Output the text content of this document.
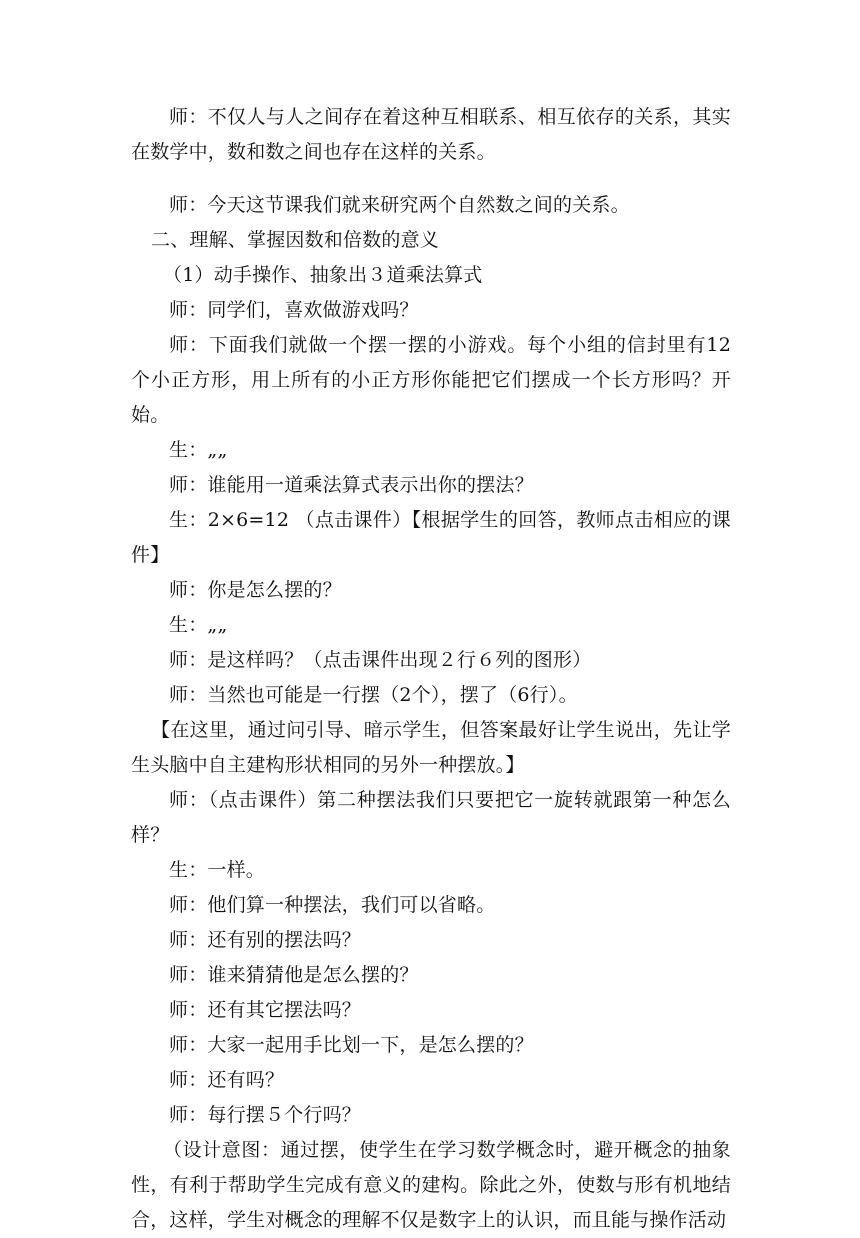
师：不仅人与人之间存在着这种互相联系、相互依存的关系，其实在数学中，数和数之间也存在这样的关系。

师：今天这节课我们就来研究两个自然数之间的关系。

二、理解、掌握因数和倍数的意义

（1）动手操作、抽象出３道乘法算式

师：同学们，喜欢做游戏吗？

师：下面我们就做一个摆一摆的小游戏。每个小组的信封里有12个小正方形，用上所有的小正方形你能把它们摆成一个长方形吗？开始。

生：„„

师：谁能用一道乘法算式表示出你的摆法？

生：2×6=12 （点击课件）【根据学生的回答，教师点击相应的课件】

师：你是怎么摆的？

生：„„

师：是这样吗？（点击课件出现２行６列的图形）

师：当然也可能是一行摆（2个），摆了（6行）。

【在这里，通过问引导、暗示学生，但答案最好让学生说出，先让学生头脑中自主建构形状相同的另外一种摆放。】

师：（点击课件）第二种摆法我们只要把它一旋转就跟第一种怎么样？

生：一样。

师：他们算一种摆法，我们可以省略。

师：还有别的摆法吗？

师：谁来猜猜他是怎么摆的？

师：还有其它摆法吗？

师：大家一起用手比划一下，是怎么摆的？

师：还有吗？

师：每行摆５个行吗？

（设计意图：通过摆，使学生在学习数学概念时，避开概念的抽象性，有利于帮助学生完成有意义的建构。除此之外，使数与形有机地结合，这样，学生对概念的理解不仅是数字上的认识，而且能与操作活动
